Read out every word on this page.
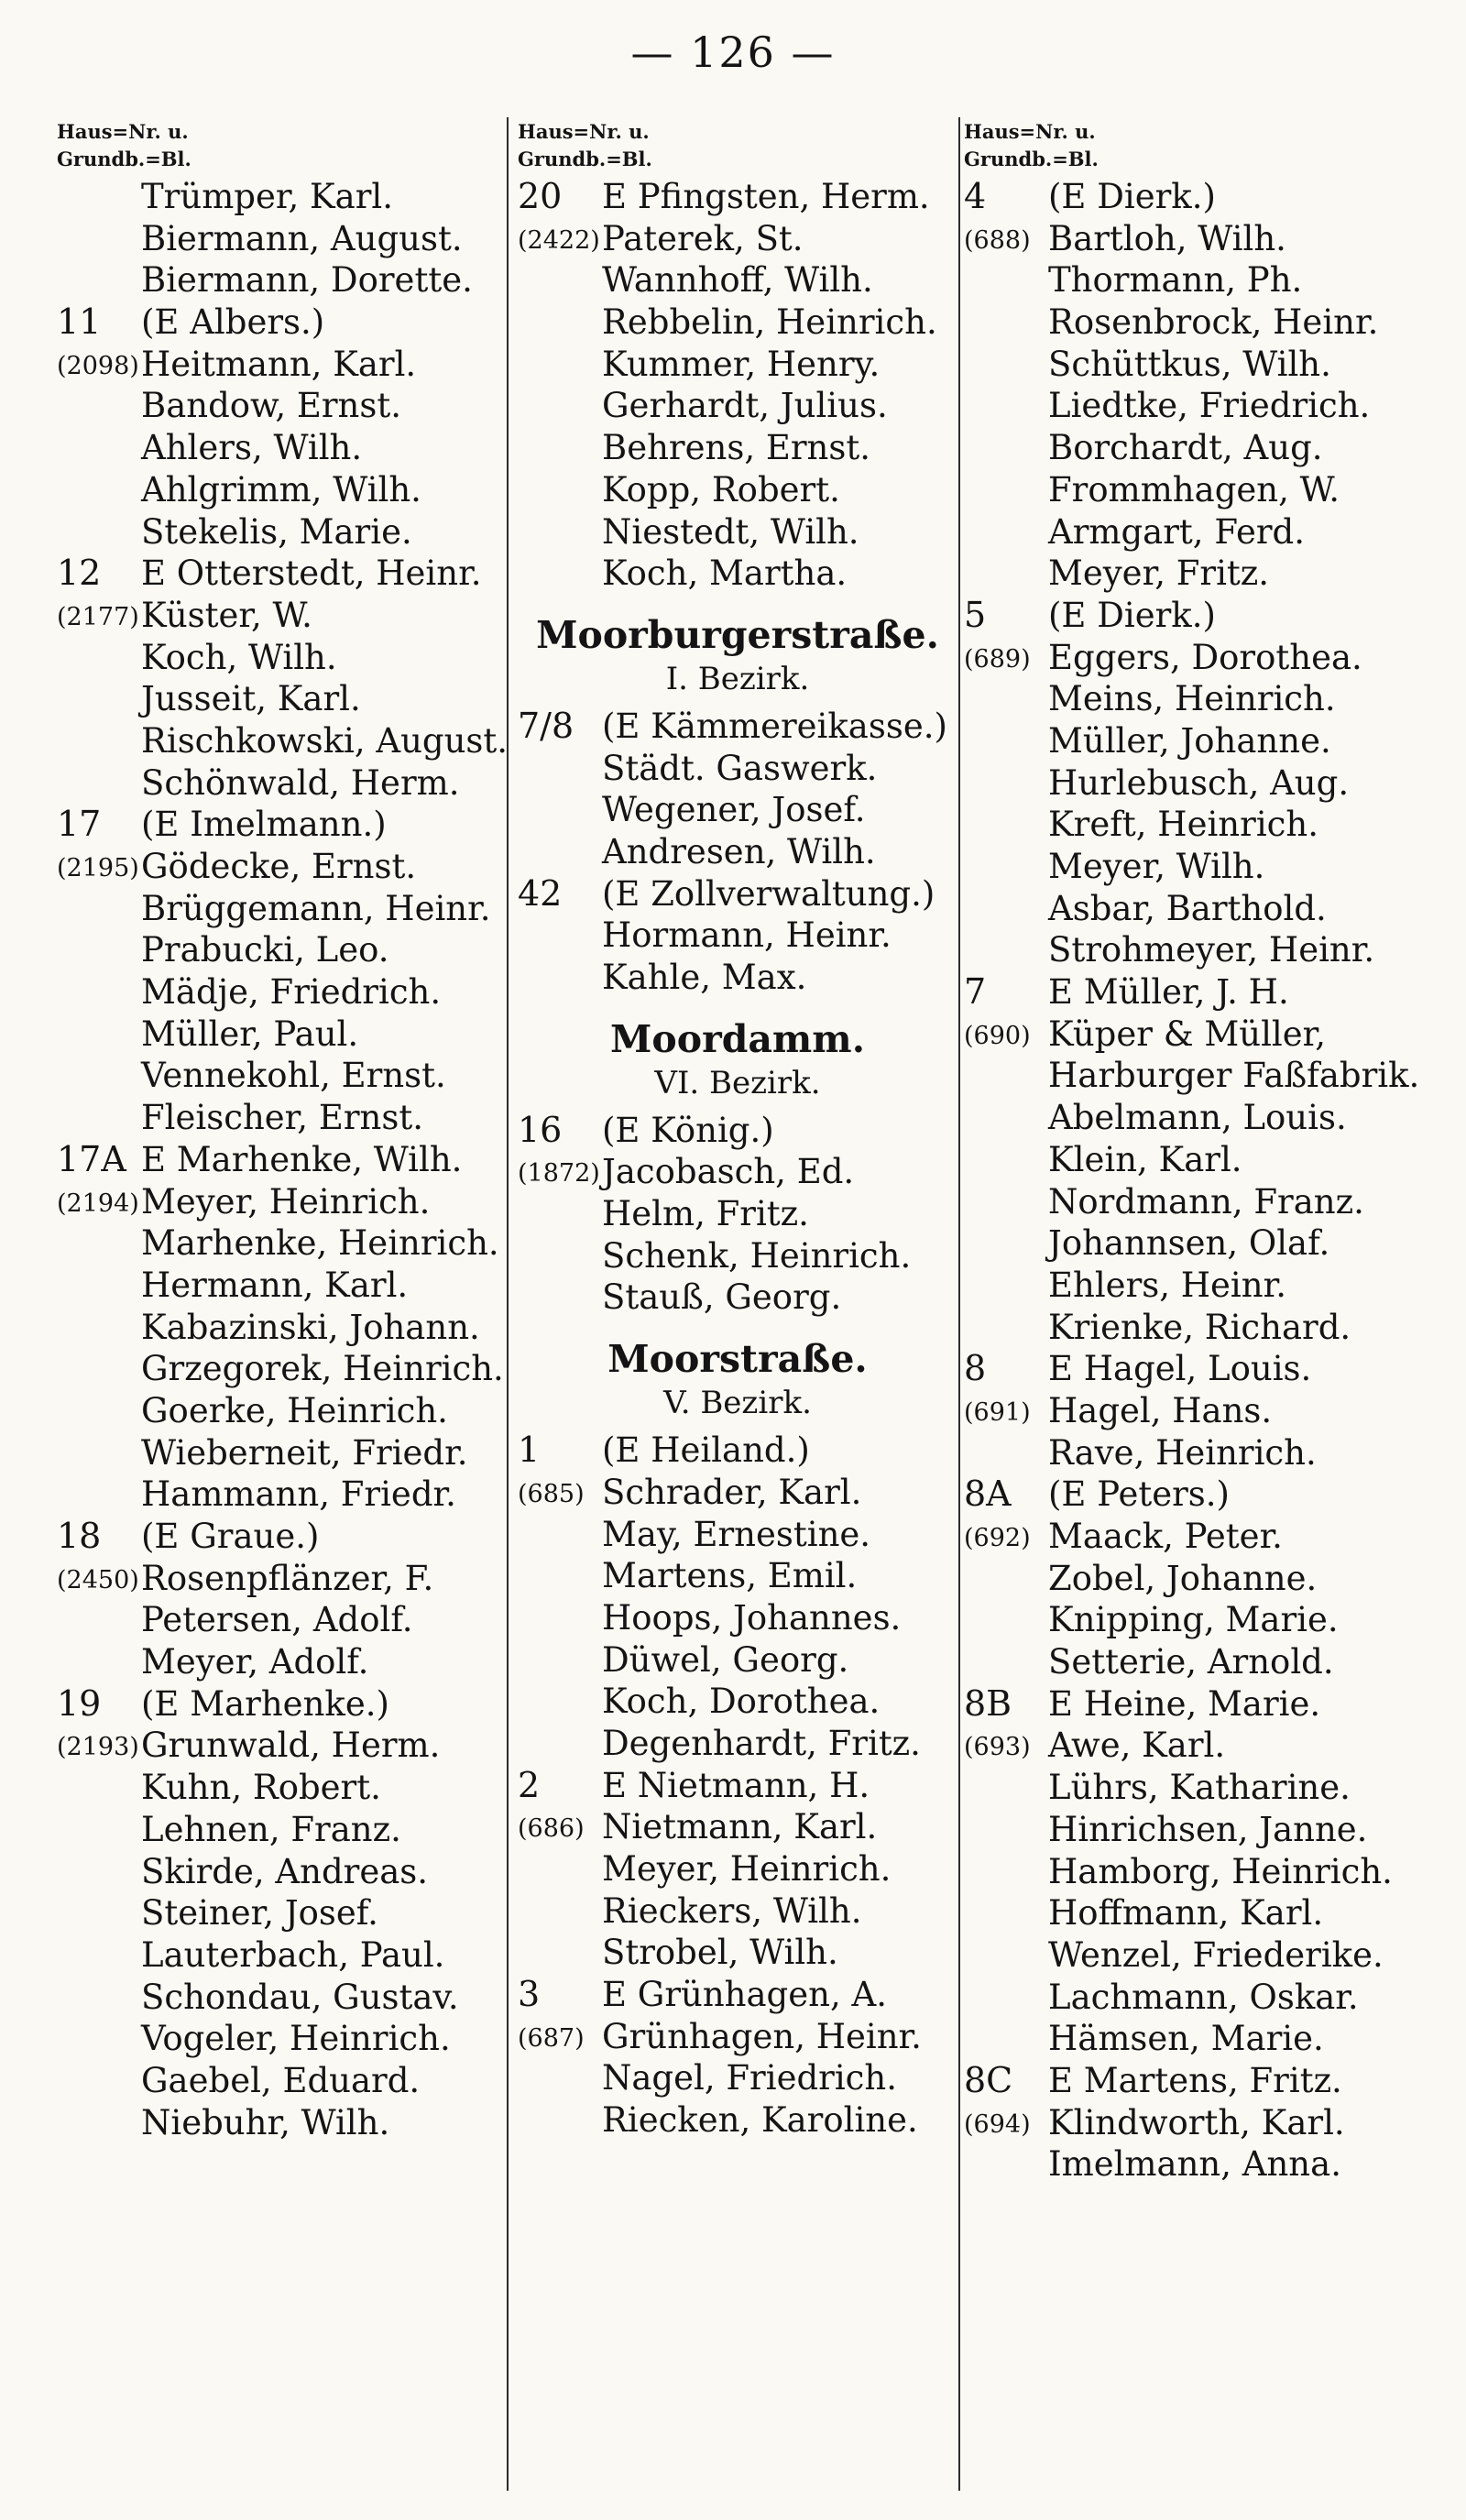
— 126 —
Haus=Nr. u.
Grundb.=Bl.
Trümper, Karl.
Biermann, August.
Biermann, Dorette.
11 (E Albers.)
(2098) Heitmann, Karl.
Bandow, Ernst.
Ahlers, Wilh.
Ahlgrimm, Wilh.
Stekelis, Marie.
12 E Otterstedt, Heinr.
(2177) Küster, W.
Koch, Wilh.
Jusseit, Karl.
Rischkowski, August.
Schönwald, Herm.
17 (E Imelmann.)
(2195) Gödecke, Ernst.
Brüggemann, Heinr.
Prabucki, Leo.
Mädje, Friedrich.
Müller, Paul.
Vennekohl, Ernst.
Fleischer, Ernst.
17A E Marhenke, Wilh.
(2194) Meyer, Heinrich.
Marhenke, Heinrich.
Hermann, Karl.
Kabazinski, Johann.
Grzegorek, Heinrich.
Goerke, Heinrich.
Wieberneit, Friedr.
Hammann, Friedr.
18 (E Graue.)
(2450) Rosenpflänzer, F.
Petersen, Adolf.
Meyer, Adolf.
19 (E Marhenke.)
(2193) Grunwald, Herm.
Kuhn, Robert.
Lehnen, Franz.
Skirde, Andreas.
Steiner, Josef.
Lauterbach, Paul.
Schondau, Gustav.
Vogeler, Heinrich.
Gaebel, Eduard.
Niebuhr, Wilh.
Haus=Nr. u.
Grundb.=Bl.
20 E Pfingsten, Herm.
(2422) Paterek, St.
Wannhoff, Wilh.
Rebbelin, Heinrich.
Kummer, Henry.
Gerhardt, Julius.
Behrens, Ernst.
Kopp, Robert.
Niestedt, Wilh.
Koch, Martha.
Moorburgerstraße.
I. Bezirk.
7/8 (E Kämmereikasse.)
Städt. Gaswerk.
Wegener, Josef.
Andresen, Wilh.
42 (E Zollverwaltung.)
Hormann, Heinr.
Kahle, Max.
Moordamm.
VI. Bezirk.
16 (E König.)
(1872) Jacobasch, Ed.
Helm, Fritz.
Schenk, Heinrich.
Stauß, Georg.
Moorstraße.
V. Bezirk.
1 (E Heiland.)
(685) Schrader, Karl.
May, Ernestine.
Martens, Emil.
Hoops, Johannes.
Düwel, Georg.
Koch, Dorothea.
Degenhardt, Fritz.
2 E Nietmann, H.
(686) Nietmann, Karl.
Meyer, Heinrich.
Rieckers, Wilh.
Strobel, Wilh.
3 E Grünhagen, A.
(687) Grünhagen, Heinr.
Nagel, Friedrich.
Riecken, Karoline.
Haus=Nr. u.
Grundb.=Bl.
4 (E Dierk.)
(688) Bartloh, Wilh.
Thormann, Ph.
Rosenbrock, Heinr.
Schüttkus, Wilh.
Liedtke, Friedrich.
Borchardt, Aug.
Frommhagen, W.
Armgart, Ferd.
Meyer, Fritz.
5 (E Dierk.)
(689) Eggers, Dorothea.
Meins, Heinrich.
Müller, Johanne.
Hurlebusch, Aug.
Kreft, Heinrich.
Meyer, Wilh.
Asbar, Barthold.
Strohmeyer, Heinr.
7 E Müller, J. H.
(690) Küper & Müller,
Harburger Faßfabrik.
Abelmann, Louis.
Klein, Karl.
Nordmann, Franz.
Johannsen, Olaf.
Ehlers, Heinr.
Krienke, Richard.
8 E Hagel, Louis.
(691) Hagel, Hans.
Rave, Heinrich.
8A (E Peters.)
(692) Maack, Peter.
Zobel, Johanne.
Knipping, Marie.
Setterie, Arnold.
8B E Heine, Marie.
(693) Awe, Karl.
Lührs, Katharine.
Hinrichsen, Janne.
Hamborg, Heinrich.
Hoffmann, Karl.
Wenzel, Friederike.
Lachmann, Oskar.
Hämsen, Marie.
8C E Martens, Fritz.
(694) Klindworth, Karl.
Imelmann, Anna.
